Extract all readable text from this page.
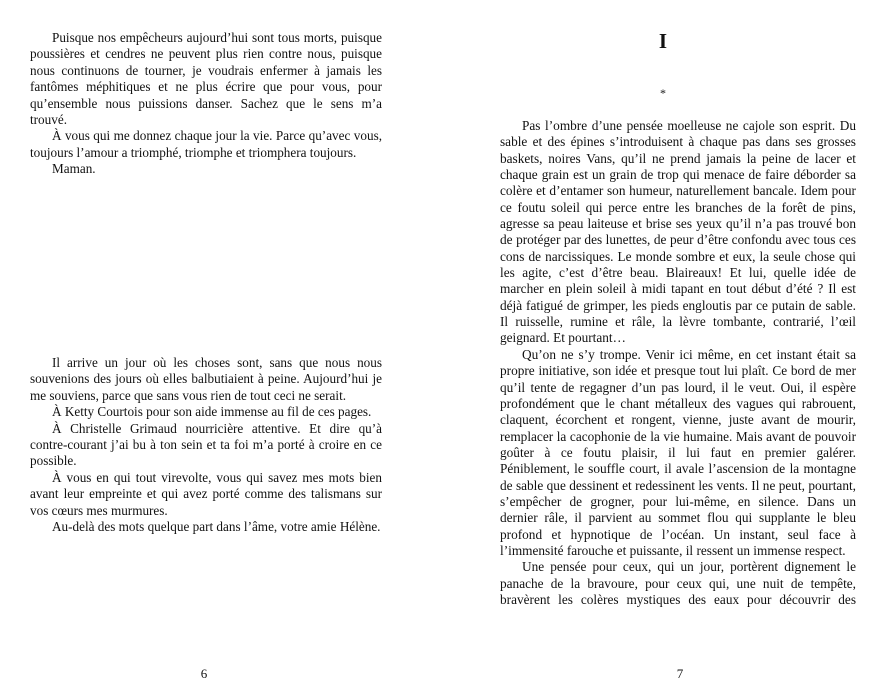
Puisque nos empêcheurs aujourd’hui sont tous morts, puisque poussières et cendres ne peuvent plus rien contre nous, puisque nous continuons de tourner, je voudrais enfermer à jamais les fantômes méphitiques et ne plus écrire que pour vous, pour qu’ensemble nous puissions danser. Sachez que le sens m’a trouvé.

À vous qui me donnez chaque jour la vie. Parce qu’avec vous, toujours l’amour a triomphé, triomphe et triomphera toujours.

Maman.

Il arrive un jour où les choses sont, sans que nous nous souvenions des jours où elles balbutiaient à peine. Aujourd’hui je me souviens, parce que sans vous rien de tout ceci ne serait.

À Ketty Courtois pour son aide immense au fil de ces pages.

À Christelle Grimaud nourricière attentive. Et dire qu’à contre-courant j’ai bu à ton sein et ta foi m’a porté à croire en ce possible.

À vous en qui tout virevolte, vous qui savez mes mots bien avant leur empreinte et qui avez porté comme des talismans sur vos cœurs mes murmures.

Au-delà des mots quelque part dans l’âme, votre amie Hélène.

6
I
*

Pas l’ombre d’une pensée moelleuse ne cajole son esprit. Du sable et des épines s’introduisent à chaque pas dans ses grosses baskets, noires Vans, qu’il ne prend jamais la peine de lacer et chaque grain est un grain de trop qui menace de faire déborder sa colère et d’entamer son humeur, naturellement bancale. Idem pour ce foutu soleil qui perce entre les branches de la forêt de pins, agresse sa peau laiteuse et brise ses yeux qu’il n’a pas trouvé bon de protéger par des lunettes, de peur d’être confondu avec tous ces cons de narcissiques. Le monde sombre et eux, la seule chose qui les agite, c’est d’être beau. Blaireaux! Et lui, quelle idée de marcher en plein soleil à midi tapant en tout début d’été ? Il est déjà fatigué de grimper, les pieds engloutis par ce putain de sable. Il ruisselle, rumine et râle, la lèvre tombante, contrarié, l’œil geignard. Et pourtant…

Qu’on ne s’y trompe. Venir ici même, en cet instant était sa propre initiative, son idée et presque tout lui plaît. Ce bord de mer qu’il tente de regagner d’un pas lourd, il le veut. Oui, il espère profondément que le chant métalleux des vagues qui rabrouent, claquent, écorchent et rongent, vienne, juste avant de mourir, remplacer la cacophonie de la vie humaine. Mais avant de pouvoir goûter à ce foutu plaisir, il lui faut en premier galérer. Péniblement, le souffle court, il avale l’ascension de la montagne de sable que dessinent et redessinent les vents. Il ne peut, pourtant, s’empêcher de grogner, pour lui-même, en silence. Dans un dernier râle, il parvient au sommet flou qui supplante le bleu profond et hypnotique de l’océan. Un instant, seul face à l’immensité farouche et puissante, il ressent un immense respect.

Une pensée pour ceux, qui un jour, portèrent dignement le panache de la bravoure, pour ceux qui, une nuit de tempête, bravèrent les colères mystiques des eaux pour découvrir des

7
